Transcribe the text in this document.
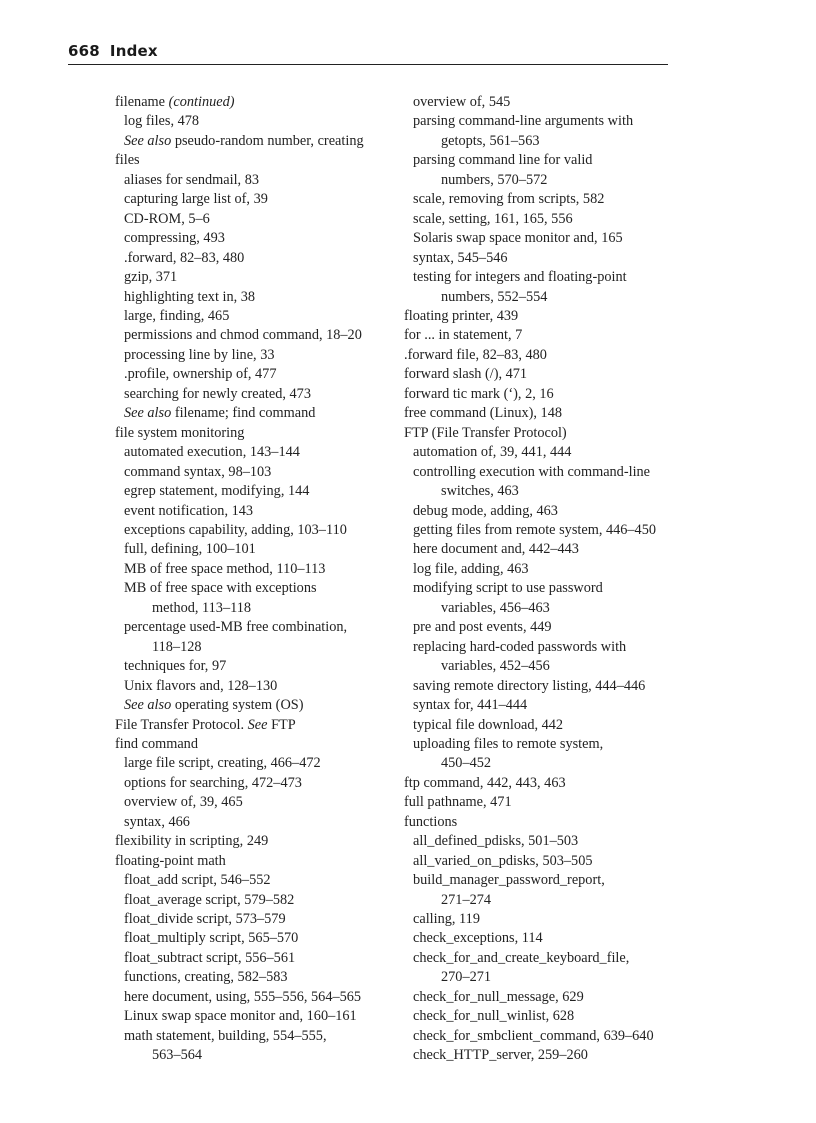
668 Index
filename (continued)
log files, 478
See also pseudo-random number, creating
files
aliases for sendmail, 83
capturing large list of, 39
CD-ROM, 5–6
compressing, 493
.forward, 82–83, 480
gzip, 371
highlighting text in, 38
large, finding, 465
permissions and chmod command, 18–20
processing line by line, 33
.profile, ownership of, 477
searching for newly created, 473
See also filename; find command
file system monitoring
automated execution, 143–144
command syntax, 98–103
egrep statement, modifying, 144
event notification, 143
exceptions capability, adding, 103–110
full, defining, 100–101
MB of free space method, 110–113
MB of free space with exceptions
method, 113–118
percentage used-MB free combination,
118–128
techniques for, 97
Unix flavors and, 128–130
See also operating system (OS)
File Transfer Protocol. See FTP
find command
large file script, creating, 466–472
options for searching, 472–473
overview of, 39, 465
syntax, 466
flexibility in scripting, 249
floating-point math
float_add script, 546–552
float_average script, 579–582
float_divide script, 573–579
float_multiply script, 565–570
float_subtract script, 556–561
functions, creating, 582–583
here document, using, 555–556, 564–565
Linux swap space monitor and, 160–161
math statement, building, 554–555,
563–564
overview of, 545
parsing command-line arguments with
getopts, 561–563
parsing command line for valid
numbers, 570–572
scale, removing from scripts, 582
scale, setting, 161, 165, 556
Solaris swap space monitor and, 165
syntax, 545–546
testing for integers and floating-point
numbers, 552–554
floating printer, 439
for ... in statement, 7
.forward file, 82–83, 480
forward slash (/), 471
forward tic mark (‘), 2, 16
free command (Linux), 148
FTP (File Transfer Protocol)
automation of, 39, 441, 444
controlling execution with command-line
switches, 463
debug mode, adding, 463
getting files from remote system, 446–450
here document and, 442–443
log file, adding, 463
modifying script to use password
variables, 456–463
pre and post events, 449
replacing hard-coded passwords with
variables, 452–456
saving remote directory listing, 444–446
syntax for, 441–444
typical file download, 442
uploading files to remote system,
450–452
ftp command, 442, 443, 463
full pathname, 471
functions
all_defined_pdisks, 501–503
all_varied_on_pdisks, 503–505
build_manager_password_report,
271–274
calling, 119
check_exceptions, 114
check_for_and_create_keyboard_file,
270–271
check_for_null_message, 629
check_for_null_winlist, 628
check_for_smbclient_command, 639–640
check_HTTP_server, 259–260
